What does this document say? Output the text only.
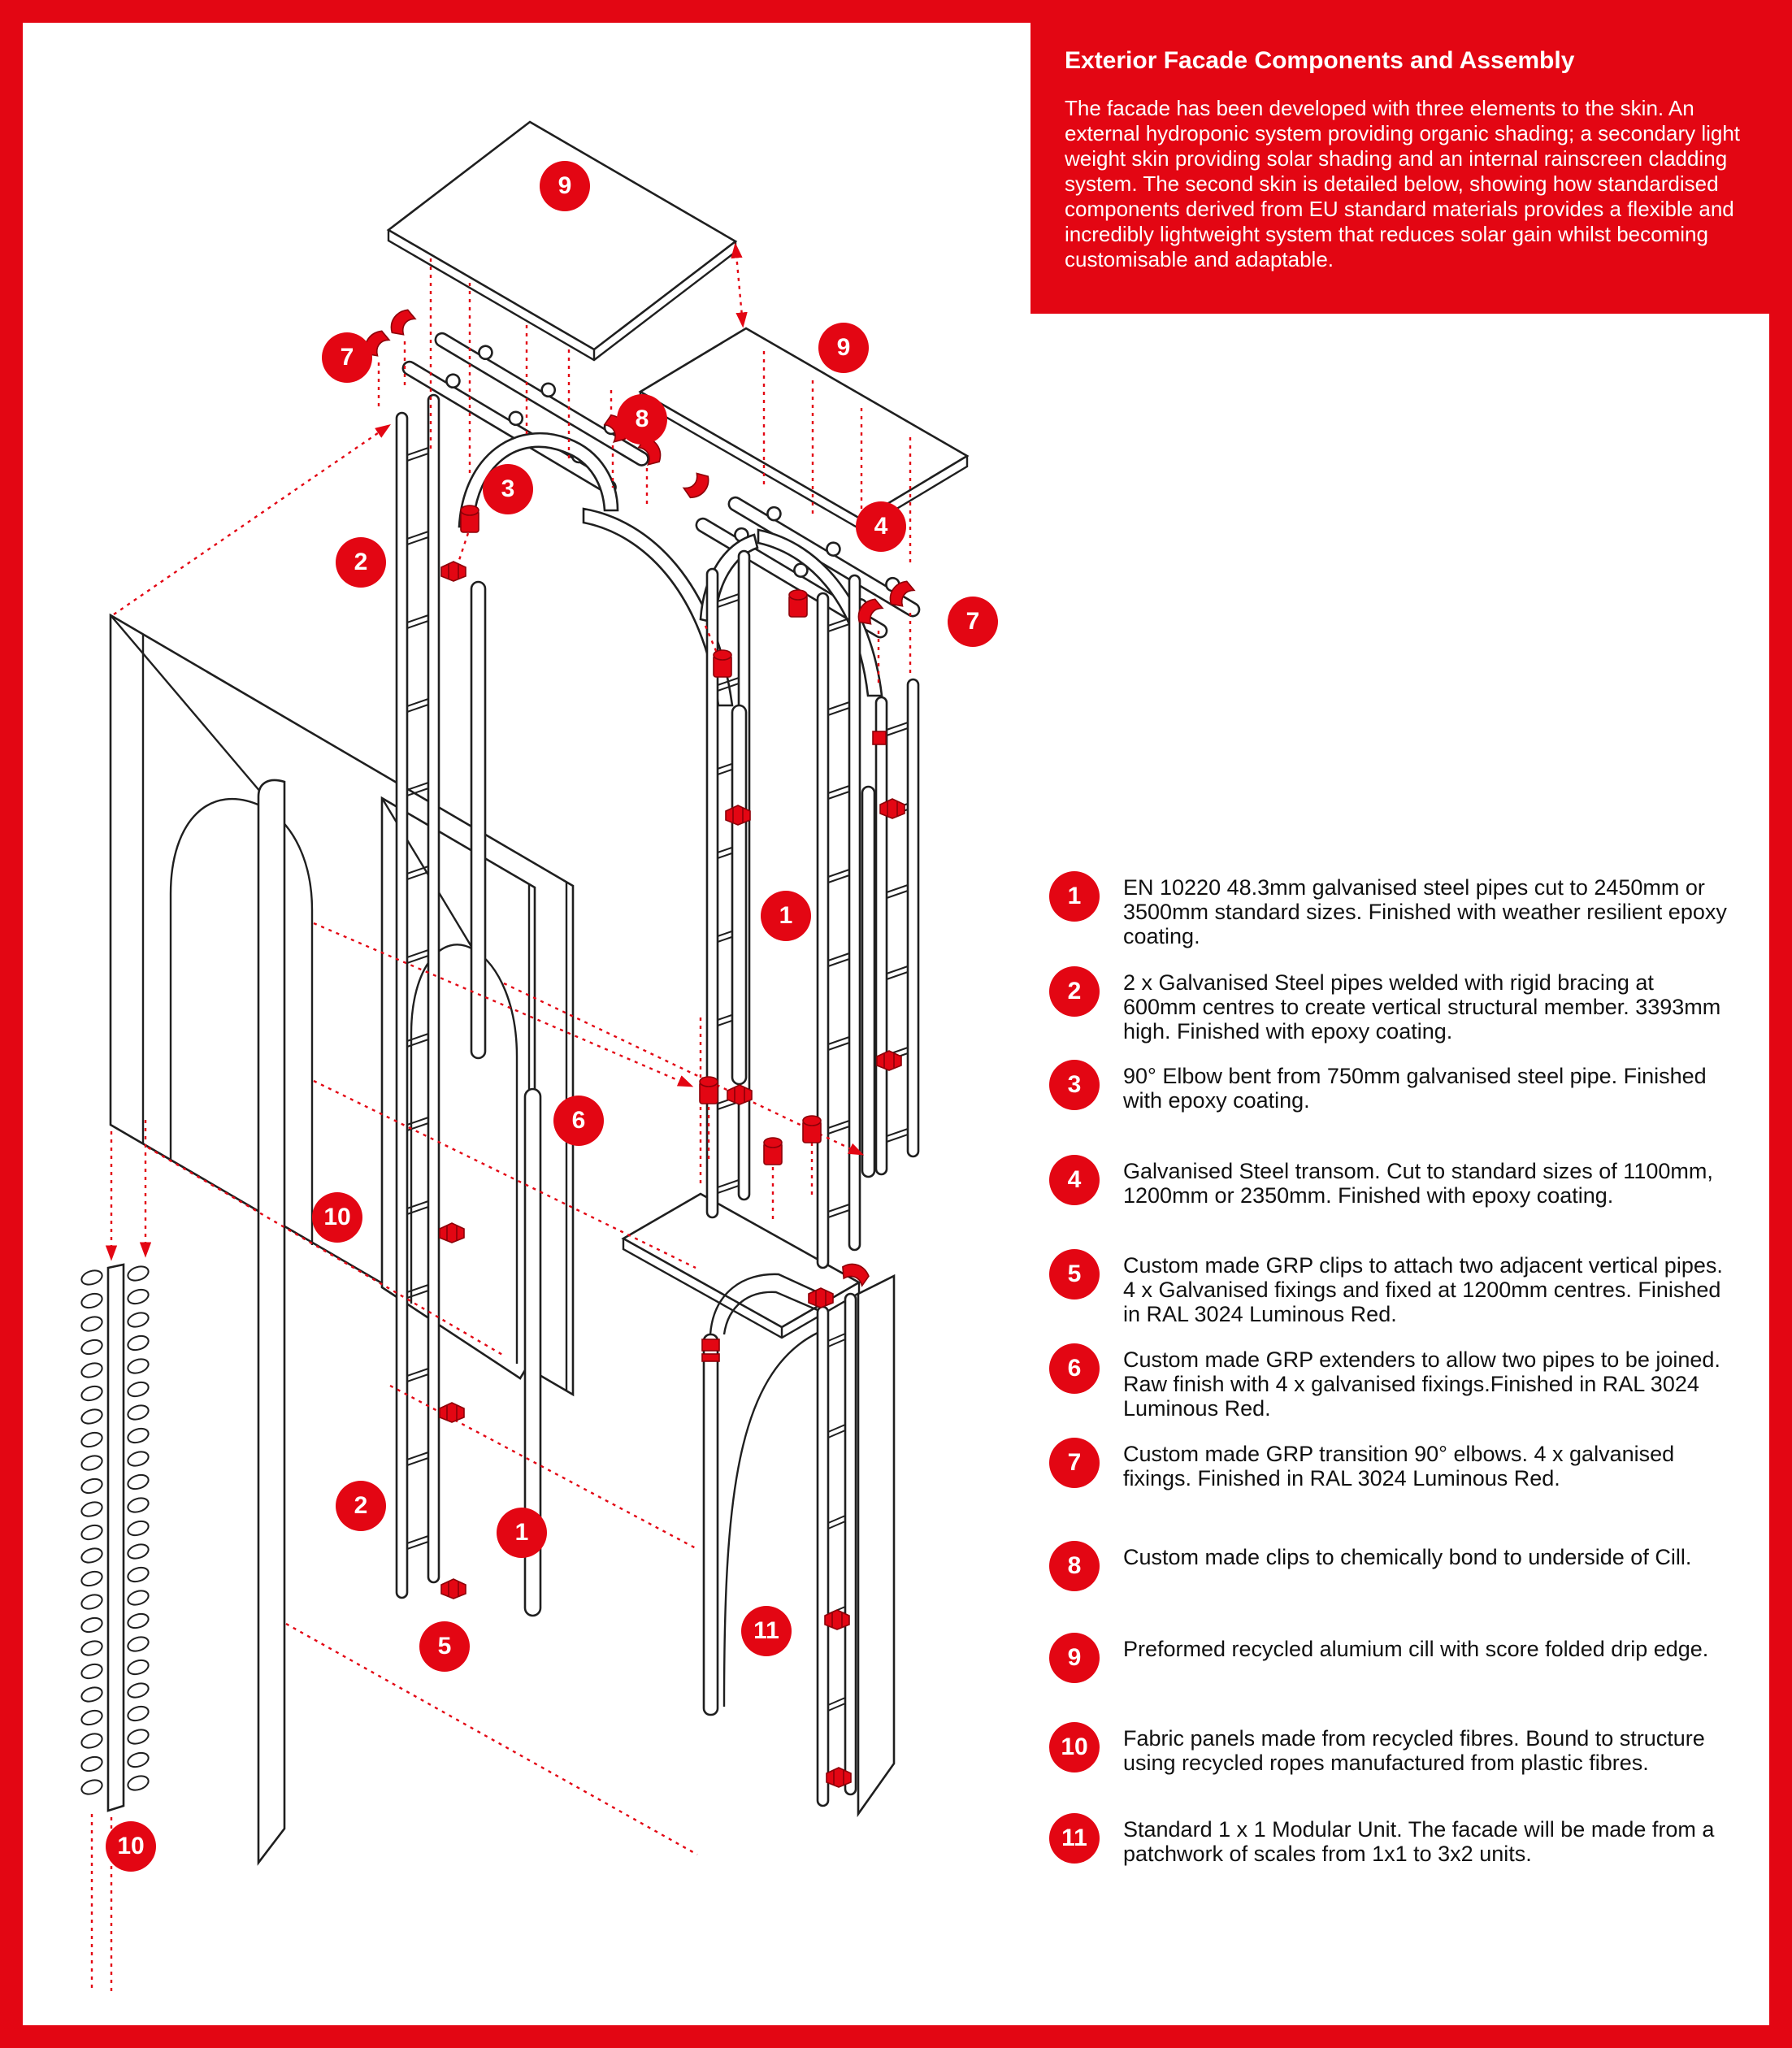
9
7	9
8
3
2
4
7
1
6
10
2
1
5
11
10
Exterior Facade Components and Assembly

The facade has been developed with three elements to the skin. An external hydroponic system providing organic shading; a secondary light weight skin providing solar shading and an internal rainscreen cladding system. The second skin is detailed below, showing how standardised components derived from EU standard materials provides a flexible and incredibly lightweight system that reduces solar gain whilst becoming customisable and adaptable.

1	EN 10220 48.3mm galvanised steel pipes cut to 2450mm or 3500mm standard sizes. Finished with weather resilient epoxy coating.
2	2 x Galvanised Steel pipes welded with rigid bracing at 600mm centres to create vertical structural member. 3393mm high. Finished with epoxy coating.
3	90° Elbow bent from 750mm galvanised steel pipe. Finished with epoxy coating.
4	Galvanised Steel transom. Cut to standard sizes of 1100mm, 1200mm or 2350mm. Finished with epoxy coating.
5	Custom made GRP clips to attach two adjacent vertical pipes. 4 x Galvanised fixings and fixed at 1200mm centres. Finished in RAL 3024 Luminous Red.
6	Custom made GRP extenders to allow two pipes to be joined. Raw finish with 4 x galvanised fixings.Finished in RAL 3024 Luminous Red.
7	Custom made GRP transition 90° elbows. 4 x galvanised fixings. Finished in RAL 3024 Luminous Red.
8	Custom made clips to chemically bond to underside of Cill.
9	Preformed recycled alumium cill with score folded drip edge.
10	Fabric panels made from recycled fibres. Bound to structure using recycled ropes manufactured from plastic fibres.
11	Standard 1 x 1 Modular Unit. The facade will be made from a patchwork of scales from 1x1 to 3x2 units.
